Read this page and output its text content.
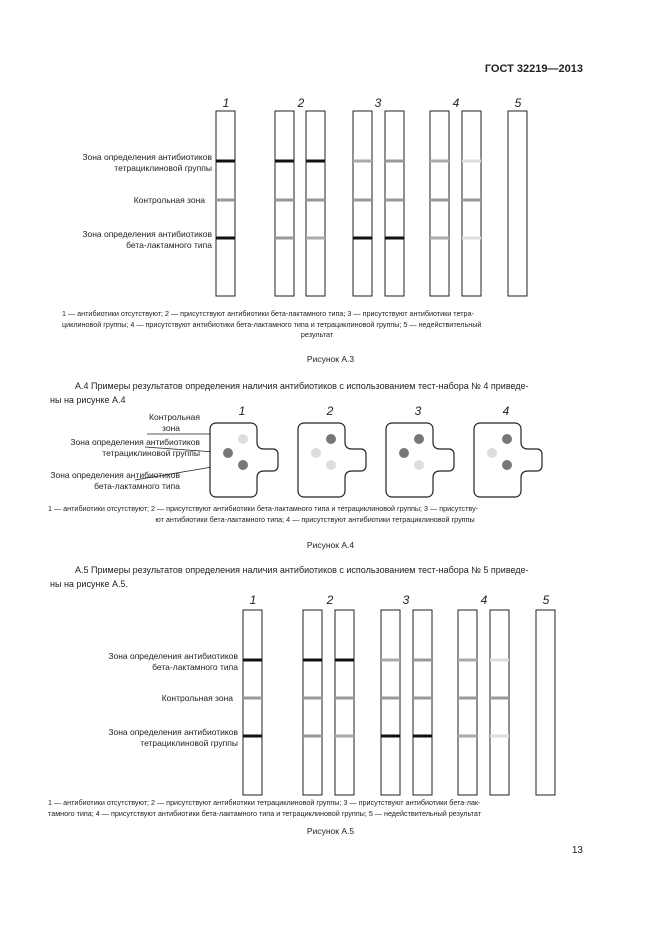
ГОСТ 32219—2013
1	2	3	4	5
Зона определения антибиотиков
тетрациклиновой группы
Контрольная зона
Зона определения антибиотиков
бета-лактамного типа
1 — антибиотики отсутствуют; 2 — присутствуют антибиотики бета-лактамного типа; 3 — присутствуют антибиотики тетра-
циклиновой группы; 4 — присутствуют антибиотики бета-лактамного типа и тетрациклиновой группы; 5 — недействительный
результат
Рисунок А.3
А.4 Примеры результатов определения наличия антибиотиков с использованием тест-набора № 4 приведе-
ны на рисунке А.4
1	2	3	4
Контрольная
зона
Зона определения антибиотиков
тетрациклиновой группы
Зона определения антибиотиков
бета-лактамного типа
1 — антибиотики отсутствуют; 2 — присутствуют антибиотики бета-лактамного типа и тетрациклиновой группы; 3 — присутству-
ют антибиотики бета-лактамного типа; 4 — присутствуют антибиотики тетрациклиновой группы
Рисунок А.4
А.5 Примеры результатов определения наличия антибиотиков с использованием тест-набора № 5 приведе-
ны на рисунке А.5.
1	2	3	4	5
Зона определения антибиотиков
бета-лактамного типа
Контрольная зона
Зона определения антибиотиков
тетрациклиновой группы
1 — антибиотики отсутствуют; 2 — присутствуют антибиотики тетрациклиновой группы; 3 — присутствуют антибиотики бета-лак-
тамного типа; 4 — присутствуют антибиотики бета-лактамного типа и тетрациклиновой группы; 5 — недействительный результат
Рисунок А.5
13
